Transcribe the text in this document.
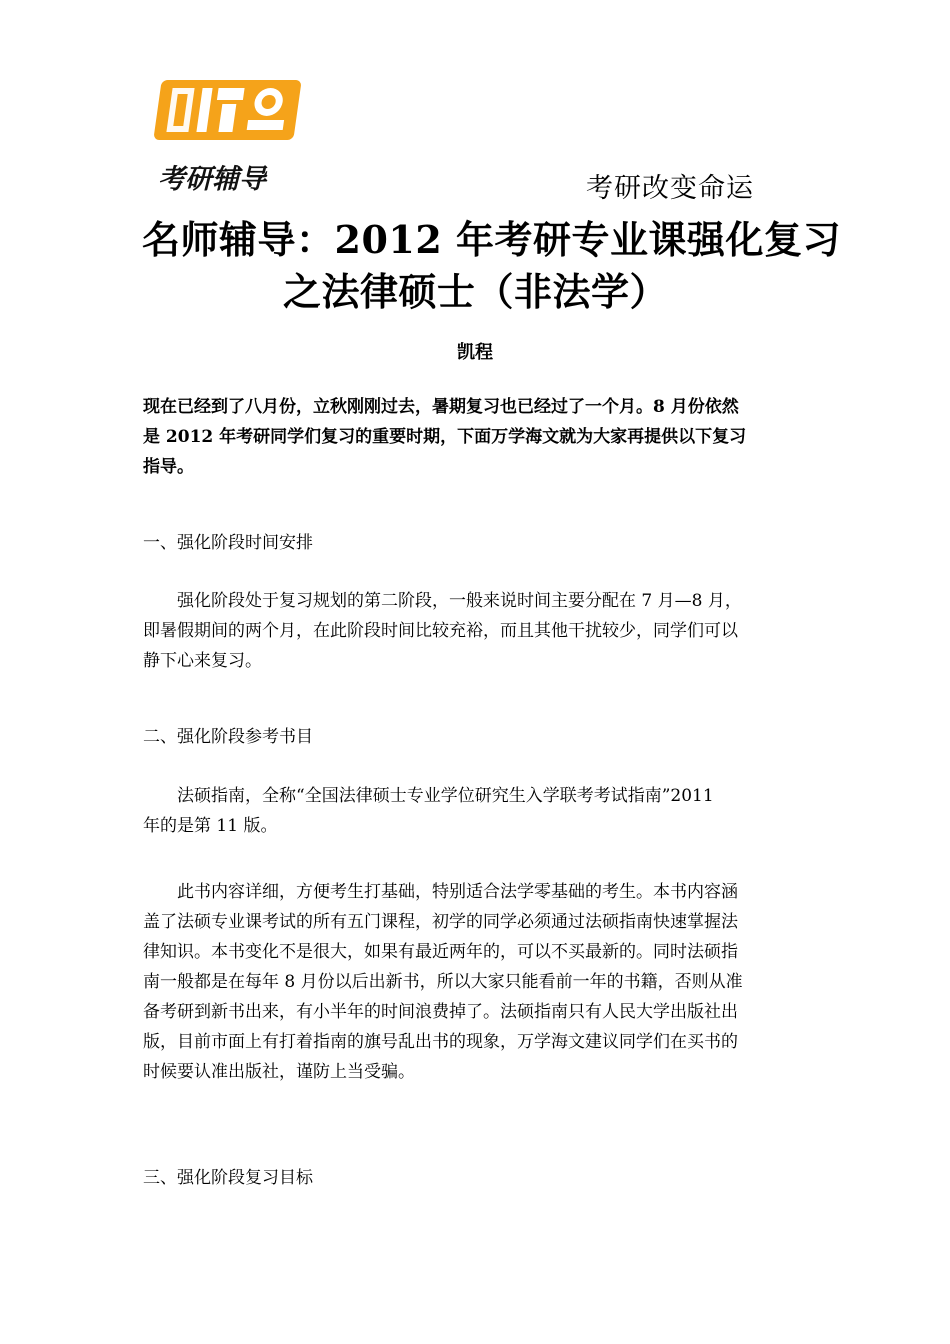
考研辅导	考研改变命运
名师辅导：2012 年考研专业课强化复习
之法律硕士（非法学）
凯程
现在已经到了八月份，立秋刚刚过去，暑期复习也已经过了一个月。8 月份依然
是 2012 年考研同学们复习的重要时期，下面万学海文就为大家再提供以下复习
指导。
一、强化阶段时间安排
强化阶段处于复习规划的第二阶段，一般来说时间主要分配在 7 月—8 月，
即暑假期间的两个月，在此阶段时间比较充裕，而且其他干扰较少，同学们可以
静下心来复习。
二、强化阶段参考书目
法硕指南，全称“全国法律硕士专业学位研究生入学联考考试指南”2011
年的是第 11 版。
此书内容详细，方便考生打基础，特别适合法学零基础的考生。本书内容涵
盖了法硕专业课考试的所有五门课程，初学的同学必须通过法硕指南快速掌握法
律知识。本书变化不是很大，如果有最近两年的，可以不买最新的。同时法硕指
南一般都是在每年 8 月份以后出新书，所以大家只能看前一年的书籍，否则从准
备考研到新书出来，有小半年的时间浪费掉了。法硕指南只有人民大学出版社出
版，目前市面上有打着指南的旗号乱出书的现象，万学海文建议同学们在买书的
时候要认准出版社，谨防上当受骗。
三、强化阶段复习目标
